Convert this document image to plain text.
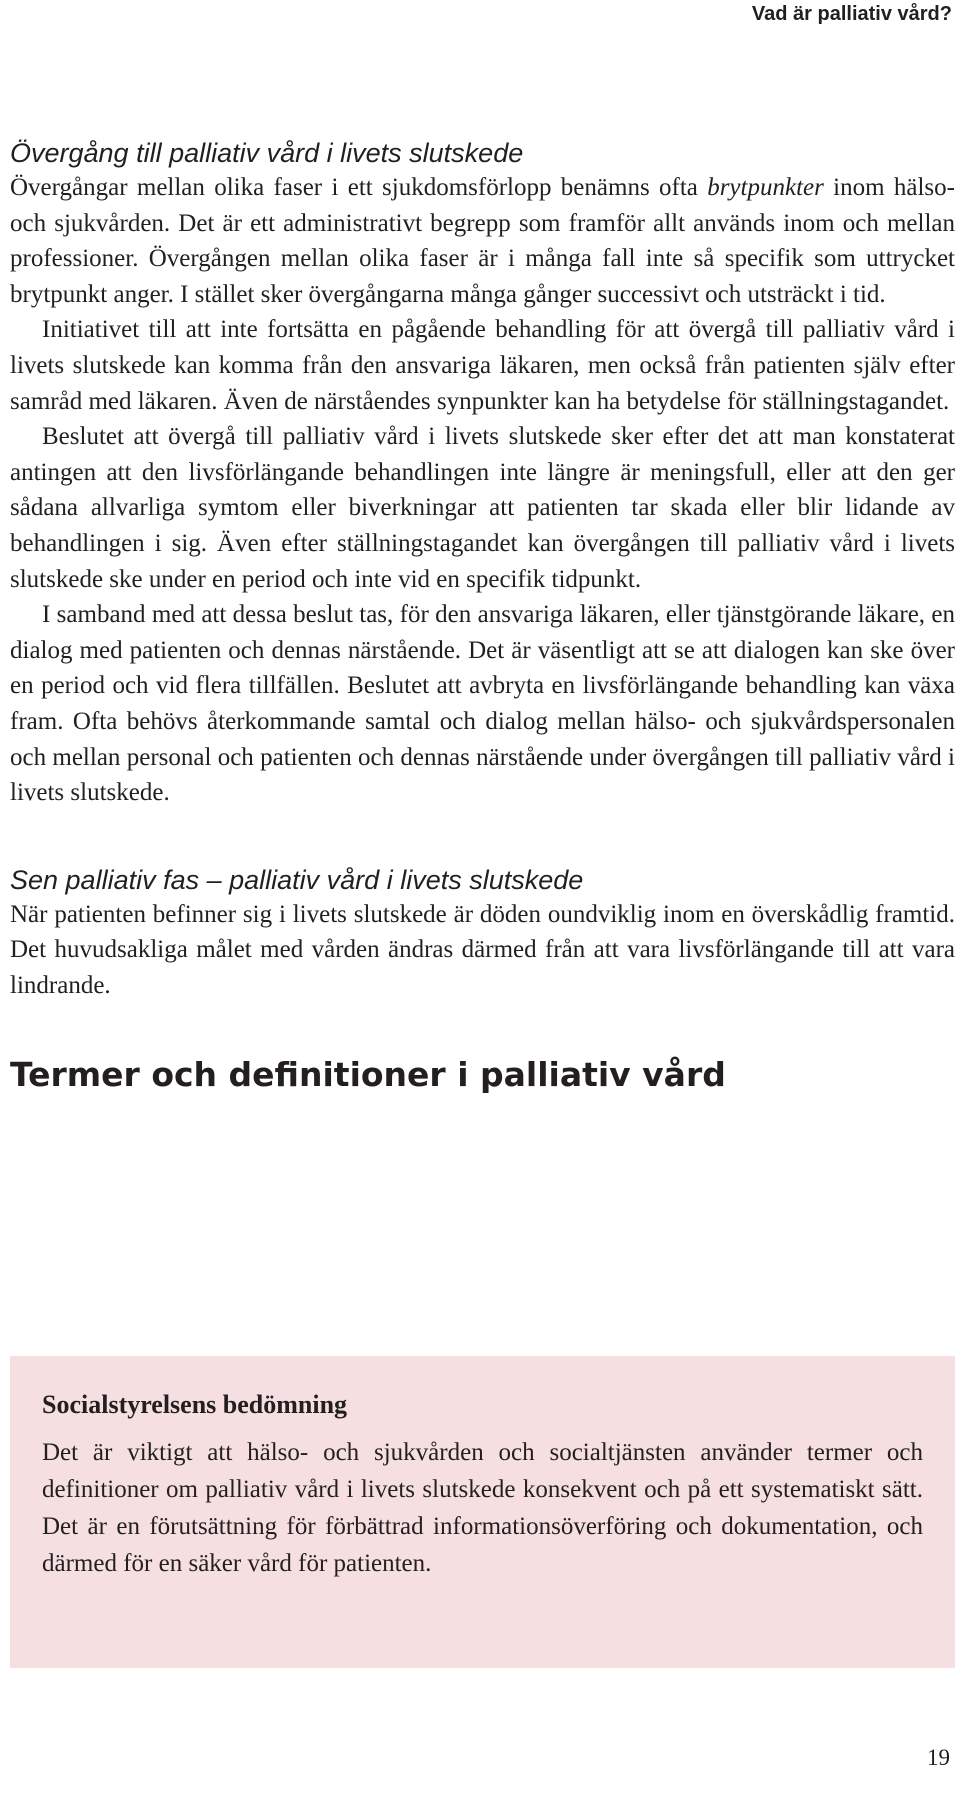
Vad är palliativ vård?
Övergång till palliativ vård i livets slutskede

Övergångar mellan olika faser i ett sjukdomsförlopp benämns ofta brytpunkter inom hälso- och sjukvården. Det är ett administrativt begrepp som framför allt används inom och mellan professioner. Övergången mellan olika faser är i många fall inte så specifik som uttrycket brytpunkt anger. I stället sker övergångarna många gånger successivt och utsträckt i tid.

Initiativet till att inte fortsätta en pågående behandling för att övergå till palliativ vård i livets slutskede kan komma från den ansvariga läkaren, men också från patienten själv efter samråd med läkaren. Även de närståendes synpunkter kan ha betydelse för ställningstagandet.

Beslutet att övergå till palliativ vård i livets slutskede sker efter det att man konstaterat antingen att den livsförlängande behandlingen inte längre är meningsfull, eller att den ger sådana allvarliga symtom eller biverkningar att patienten tar skada eller blir lidande av behandlingen i sig. Även efter ställningstagandet kan övergången till palliativ vård i livets slutskede ske under en period och inte vid en specifik tidpunkt.

I samband med att dessa beslut tas, för den ansvariga läkaren, eller tjänstgörande läkare, en dialog med patienten och dennas närstående. Det är väsentligt att se att dialogen kan ske över en period och vid flera tillfällen. Beslutet att avbryta en livsförlängande behandling kan växa fram. Ofta behövs återkommande samtal och dialog mellan hälso- och sjukvårdspersonalen och mellan personal och patienten och dennas närstående under övergången till palliativ vård i livets slutskede.

Sen palliativ fas – palliativ vård i livets slutskede

När patienten befinner sig i livets slutskede är döden oundviklig inom en överskådlig framtid. Det huvudsakliga målet med vården ändras därmed från att vara livsförlängande till att vara lindrande.

Termer och definitioner i palliativ vård
Socialstyrelsens bedömning

Det är viktigt att hälso- och sjukvården och socialtjänsten använder termer och definitioner om palliativ vård i livets slutskede konsekvent och på ett systematiskt sätt. Det är en förutsättning för förbättrad informationsöverföring och dokumentation, och därmed för en säker vård för patienten.

19
